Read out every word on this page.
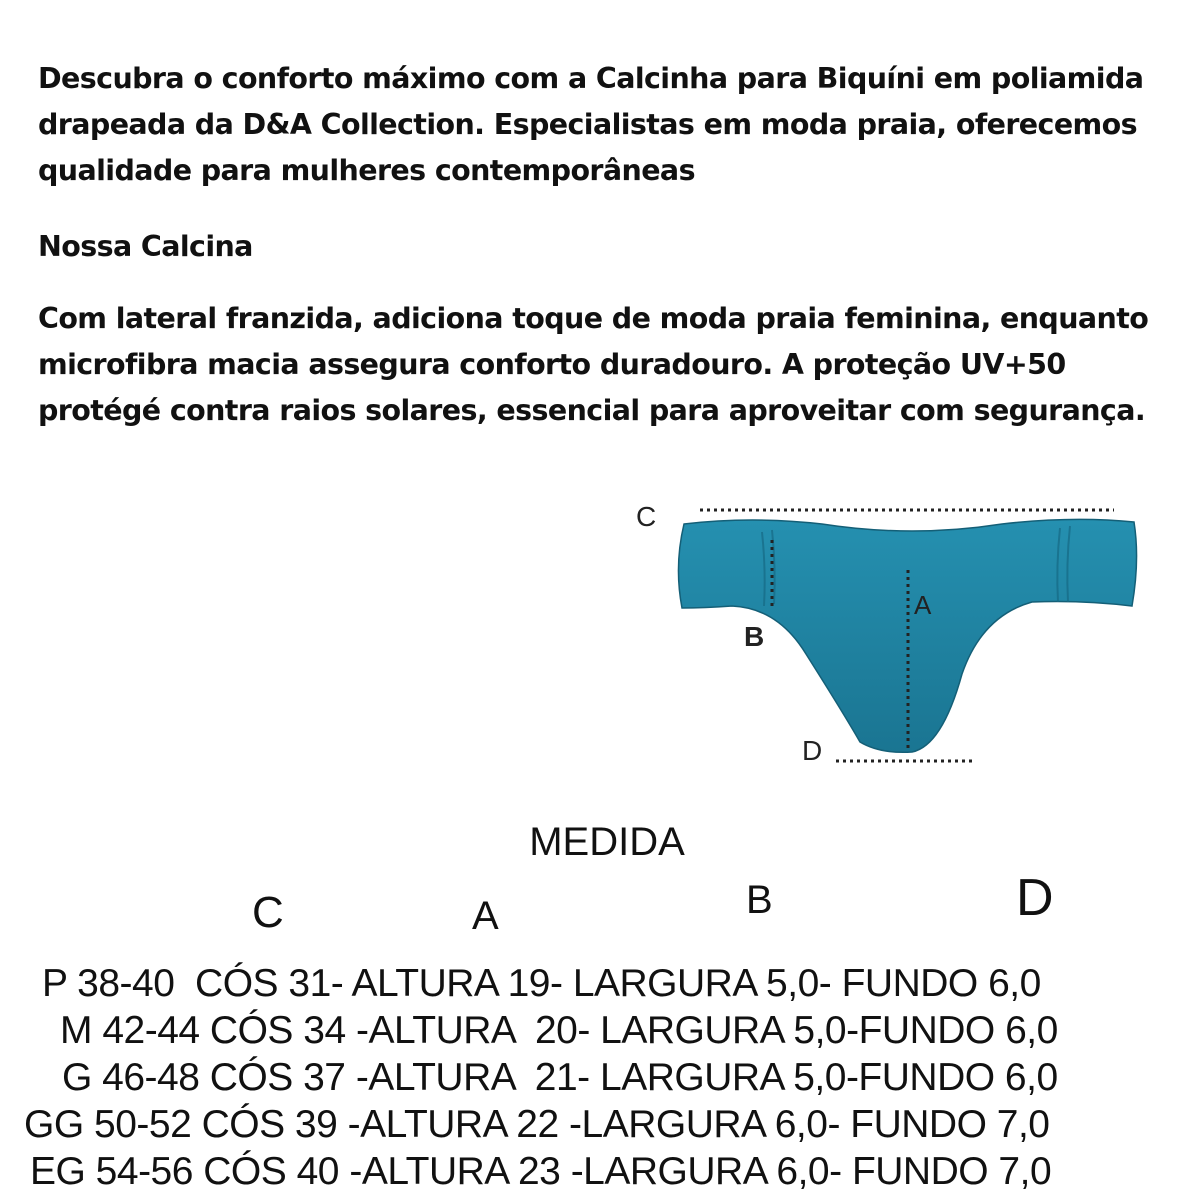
Descubra o conforto máximo com a Calcinha para Biquíni em poliamida
drapeada da D&A Collection. Especialistas em moda praia, oferecemos
qualidade para mulheres contemporâneas
Nossa Calcina
Com lateral franzida, adiciona toque de moda praia feminina, enquanto
microfibra macia assegura conforto duradouro. A proteção UV+50
protégé contra raios solares, essencial para aproveitar com segurança.
C
A
B
D
MEDIDA
C	A	B	D
P 38-40  CÓS 31- ALTURA 19- LARGURA 5,0- FUNDO 6,0
M 42-44 CÓS 34 -ALTURA  20- LARGURA 5,0-FUNDO 6,0
G 46-48 CÓS 37 -ALTURA  21- LARGURA 5,0-FUNDO 6,0
GG 50-52 CÓS 39 -ALTURA 22 -LARGURA 6,0- FUNDO 7,0
EG 54-56 CÓS 40 -ALTURA 23 -LARGURA 6,0- FUNDO 7,0
